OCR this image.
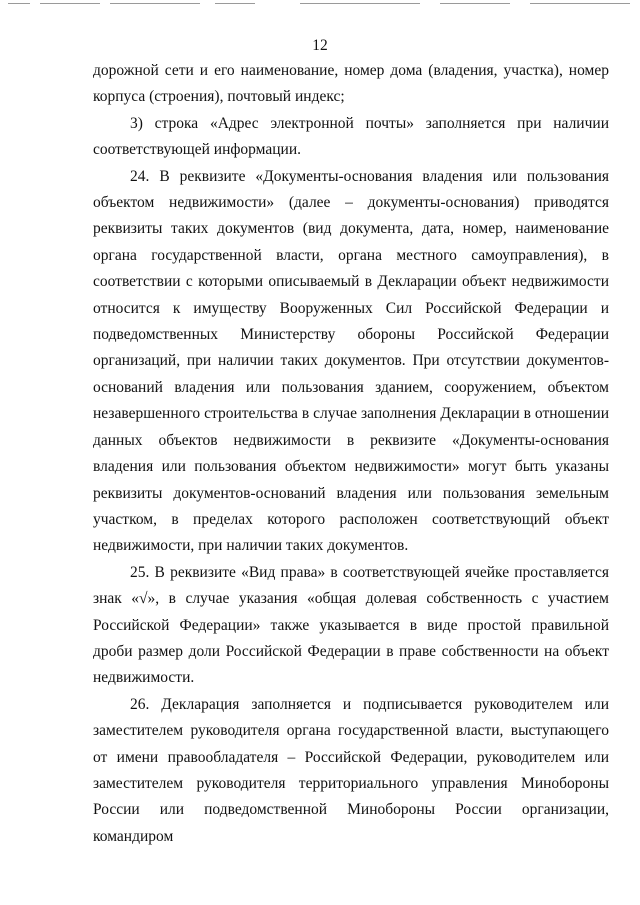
12

дорожной сети и его наименование, номер дома (владения, участка), номер корпуса (строения), почтовый индекс;

3) строка «Адрес электронной почты» заполняется при наличии соответствующей информации.

24. В реквизите «Документы-основания владения или пользования объектом недвижимости» (далее – документы-основания) приводятся реквизиты таких документов (вид документа, дата, номер, наименование органа государственной власти, органа местного самоуправления), в соответствии с которыми описываемый в Декларации объект недвижимости относится к имуществу Вооруженных Сил Российской Федерации и подведомственных Министерству обороны Российской Федерации организаций, при наличии таких документов. При отсутствии документов-оснований владения или пользования зданием, сооружением, объектом незавершенного строительства в случае заполнения Декларации в отношении данных объектов недвижимости в реквизите «Документы-основания владения или пользования объектом недвижимости» могут быть указаны реквизиты документов-оснований владения или пользования земельным участком, в пределах которого расположен соответствующий объект недвижимости, при наличии таких документов.

25. В реквизите «Вид права» в соответствующей ячейке проставляется знак «√», в случае указания «общая долевая собственность с участием Российской Федерации» также указывается в виде простой правильной дроби размер доли Российской Федерации в праве собственности на объект недвижимости.

26. Декларация заполняется и подписывается руководителем или заместителем руководителя органа государственной власти, выступающего от имени правообладателя – Российской Федерации, руководителем или заместителем руководителя территориального управления Минобороны России или подведомственной Минобороны России организации, командиром
